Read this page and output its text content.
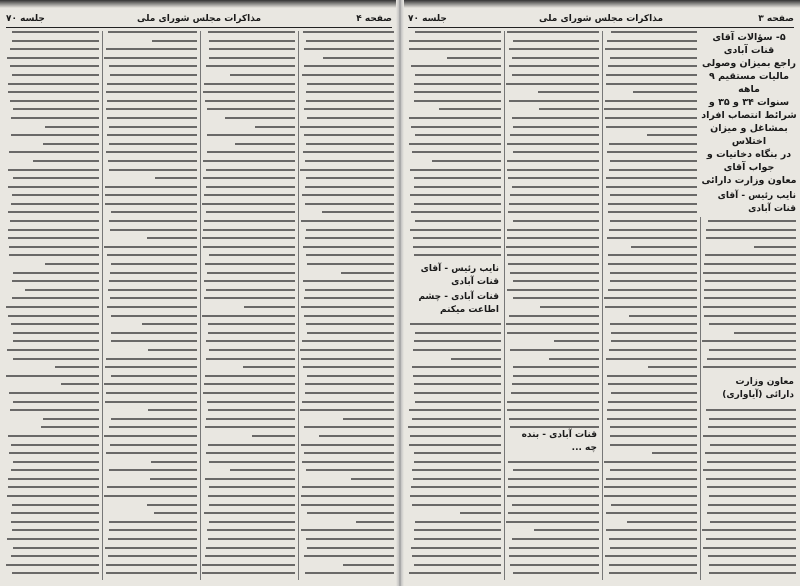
صفحه ۴
مذاکرات مجلس شورای ملی
جلسه ۷۰	صفحه ۳
مذاکرات مجلس شورای ملی
جلسه ۷۰
۵- سؤالات آقای قنات آبادی
راجع بمیزان وصولی
مالیات مستقیم ۹ ماهه
سنوات ۳۴ و ۳۵ و
شرائط انتصاب افراد
بمشاغل و میزان اختلاس
در بنگاه دخانیات و جواب آقای
معاون وزارت دارائی
نایب رئیس - آقای قنات آبادی
معاون وزارت دارائی (آیاواری)
نایب رئیس - آقای قنات آبادی
قنات آبادی - چشم اطاعت میکنم
قنات آبادی - بنده چه ...
